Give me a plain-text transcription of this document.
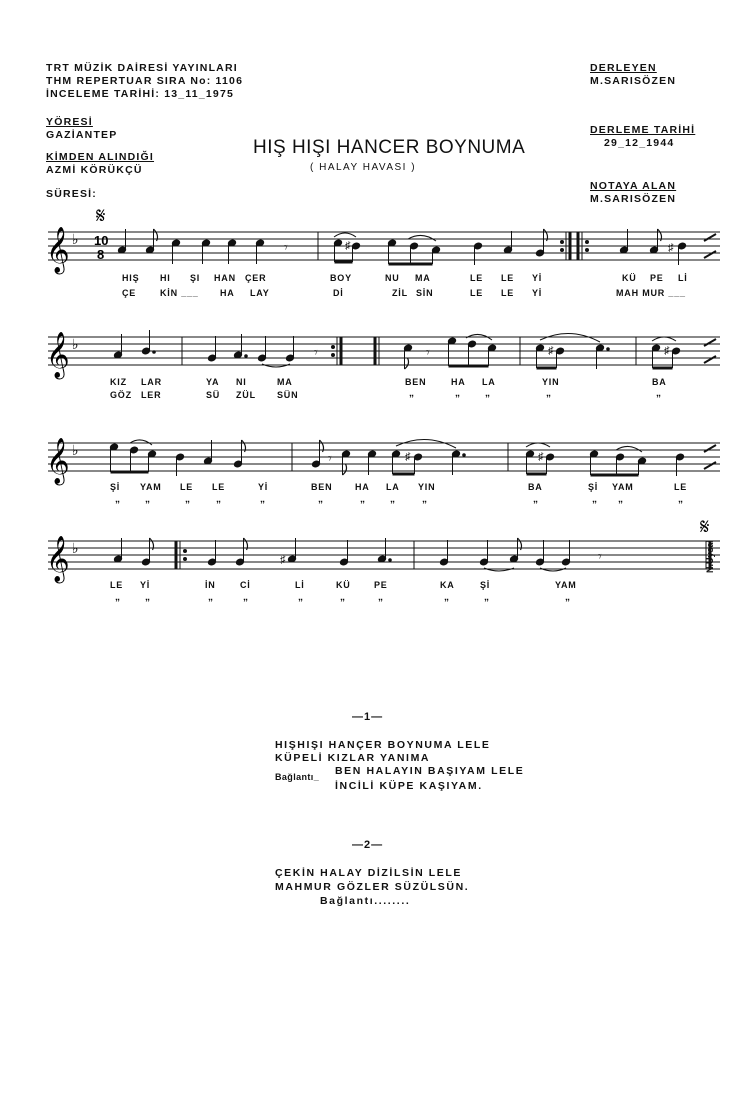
TRT MÜZİK DAİRESİ YAYINLARI
THM REPERTUAR SIRA No: 1106
İNCELEME TARİHİ: 13_11_1975
YÖRESİ
GAZİANTEP
KİMDEN ALINDIĞI
AZMİ KÖRÜKÇÜ
SÜRESİ:
DERLEYEN
M.SARISÖZEN
DERLEME TARİHİ
29_12_1944
NOTAYA ALAN
M.SARISÖZEN
HIŞ HIŞI HANCER BOYNUMA
( HALAY HAVASI )
𝄋
𝄞 ♭ 10
8	𝄾	♯	♯
HIŞ HI ŞI HAN ÇER	BOY	NU MA	LE LE Yİ	KÜ PE Lİ
ÇE	KİN ___ HA LAY	Dİ	ZİL SİN	LE LE Yİ	MAH MUR ___
𝄞 ♭	𝄾	𝄾	♯	♯
KIZ LAR	YA NI	MA	BEN	HA LA	YIN	BA
GÖZ LER	SÜ ZÜL SÜN	„	„	„	„	„
𝄞 ♭	𝄾	♯	♯
Şİ YAM LE LE	Yİ	BEN	HA LA YIN	BA	Şİ YAM	LE
„	„	„	„	„	„	„	„	„	„	„ „	„
𝄞 ♭
𝄋
♯	𝄾
LE Yİ	İN	Cİ	Lİ	KÜ	PE	KA	Şİ	YAM
„	„	„	„	„	„	„	„	„	„
N.Uysal
—1—
HIŞHIŞI HANÇER BOYNUMA LELE
KÜPELİ KIZLAR YANIMA
Bağlantı_ BEN HALAYIN BAŞIYAM LELE
İNCİLİ KÜPE KAŞIYAM.
—2—
ÇEKİN HALAY DİZİLSİN LELE
MAHMUR GÖZLER SÜZÜLSÜN.
Bağlantı........
